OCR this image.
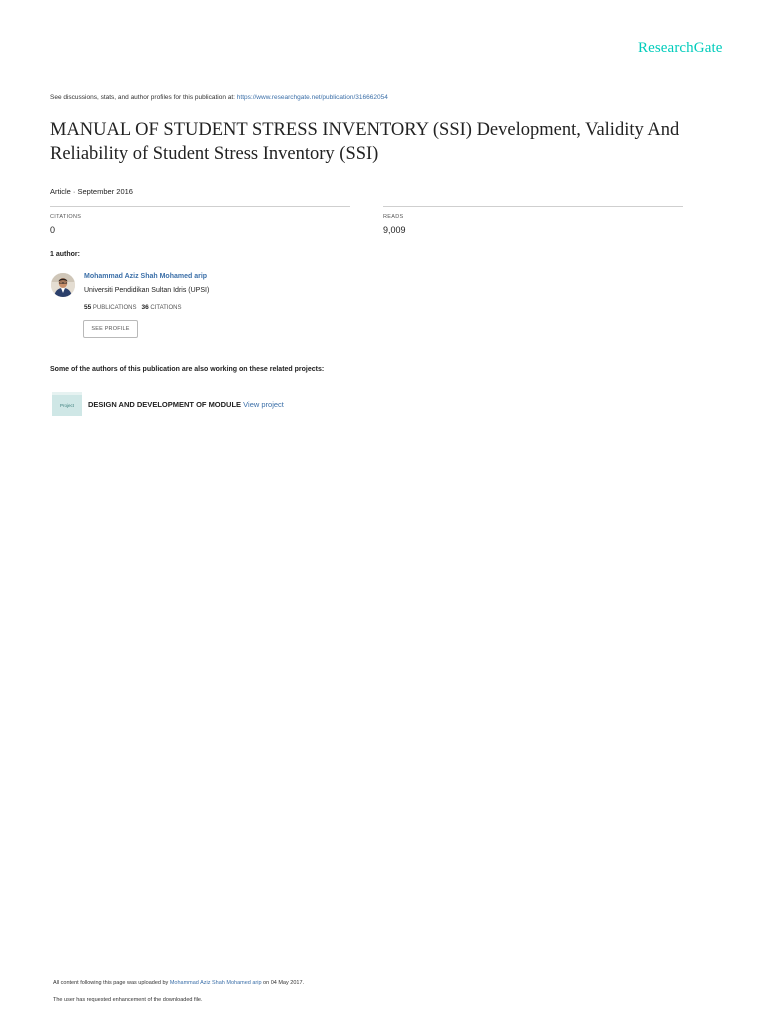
ResearchGate
See discussions, stats, and author profiles for this publication at: https://www.researchgate.net/publication/316662054
MANUAL OF STUDENT STRESS INVENTORY (SSI) Development, Validity And Reliability of Student Stress Inventory (SSI)
Article · September 2016
CITATIONS
0
READS
9,009
1 author:
Mohammad Aziz Shah Mohamed arip
Universiti Pendidikan Sultan Idris (UPSI)
55 PUBLICATIONS 36 CITATIONS
SEE PROFILE
Some of the authors of this publication are also working on these related projects:
Project	DESIGN AND DEVELOPMENT OF MODULE View project
All content following this page was uploaded by Mohammad Aziz Shah Mohamed arip on 04 May 2017.
The user has requested enhancement of the downloaded file.
